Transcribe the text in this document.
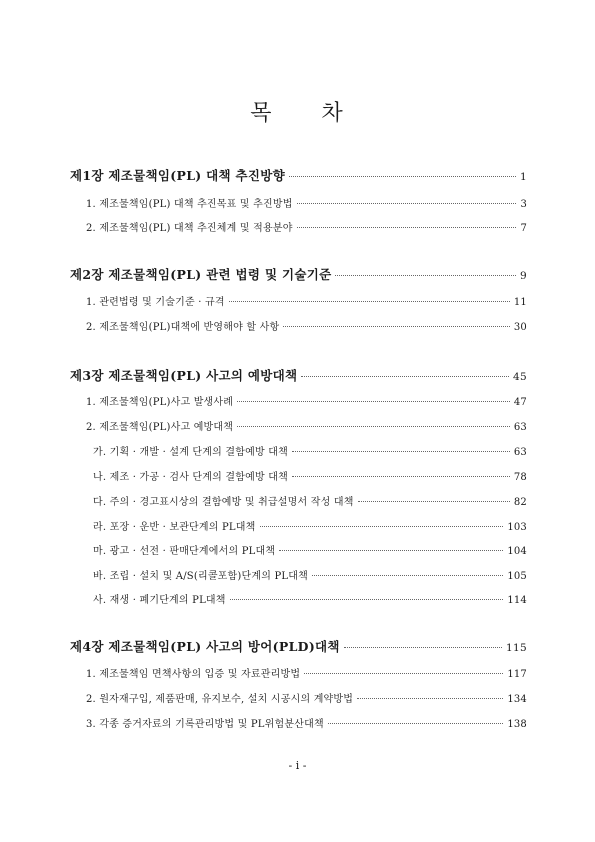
목 차
제1장 제조물책임(PL) 대책 추진방향	1
1. 제조물책임(PL) 대책 추진목표 및 추진방법	3
2. 제조물책임(PL) 대책 추진체계 및 적용분야	7
제2장 제조물책임(PL) 관련 법령 및 기술기준	9
1. 관련법령 및 기술기준 · 규격	11
2. 제조물책임(PL)대책에 반영해야 할 사항	30
제3장 제조물책임(PL) 사고의 예방대책	45
1. 제조물책임(PL)사고 발생사례	47
2. 제조물책임(PL)사고 예방대책	63
가. 기획 · 개발 · 설계 단계의 결함예방 대책	63
나. 제조 · 가공 · 검사 단계의 결함예방 대책	78
다. 주의 · 경고표시상의 결함예방 및 취급설명서 작성 대책	82
라. 포장 · 운반 · 보관단계의 PL대책	103
마. 광고 · 선전 · 판매단계에서의 PL대책	104
바. 조립 · 설치 및 A/S(리콜포함)단계의 PL대책	105
사. 재생 · 폐기단계의 PL대책	114
제4장 제조물책임(PL) 사고의 방어(PLD)대책	115
1. 제조물책임 면책사항의 입증 및 자료관리방법	117
2. 원자재구입, 제품판매, 유지보수, 설치 시공시의 계약방법	134
3. 각종 증거자료의 기록관리방법 및 PL위험분산대책	138
- i -
